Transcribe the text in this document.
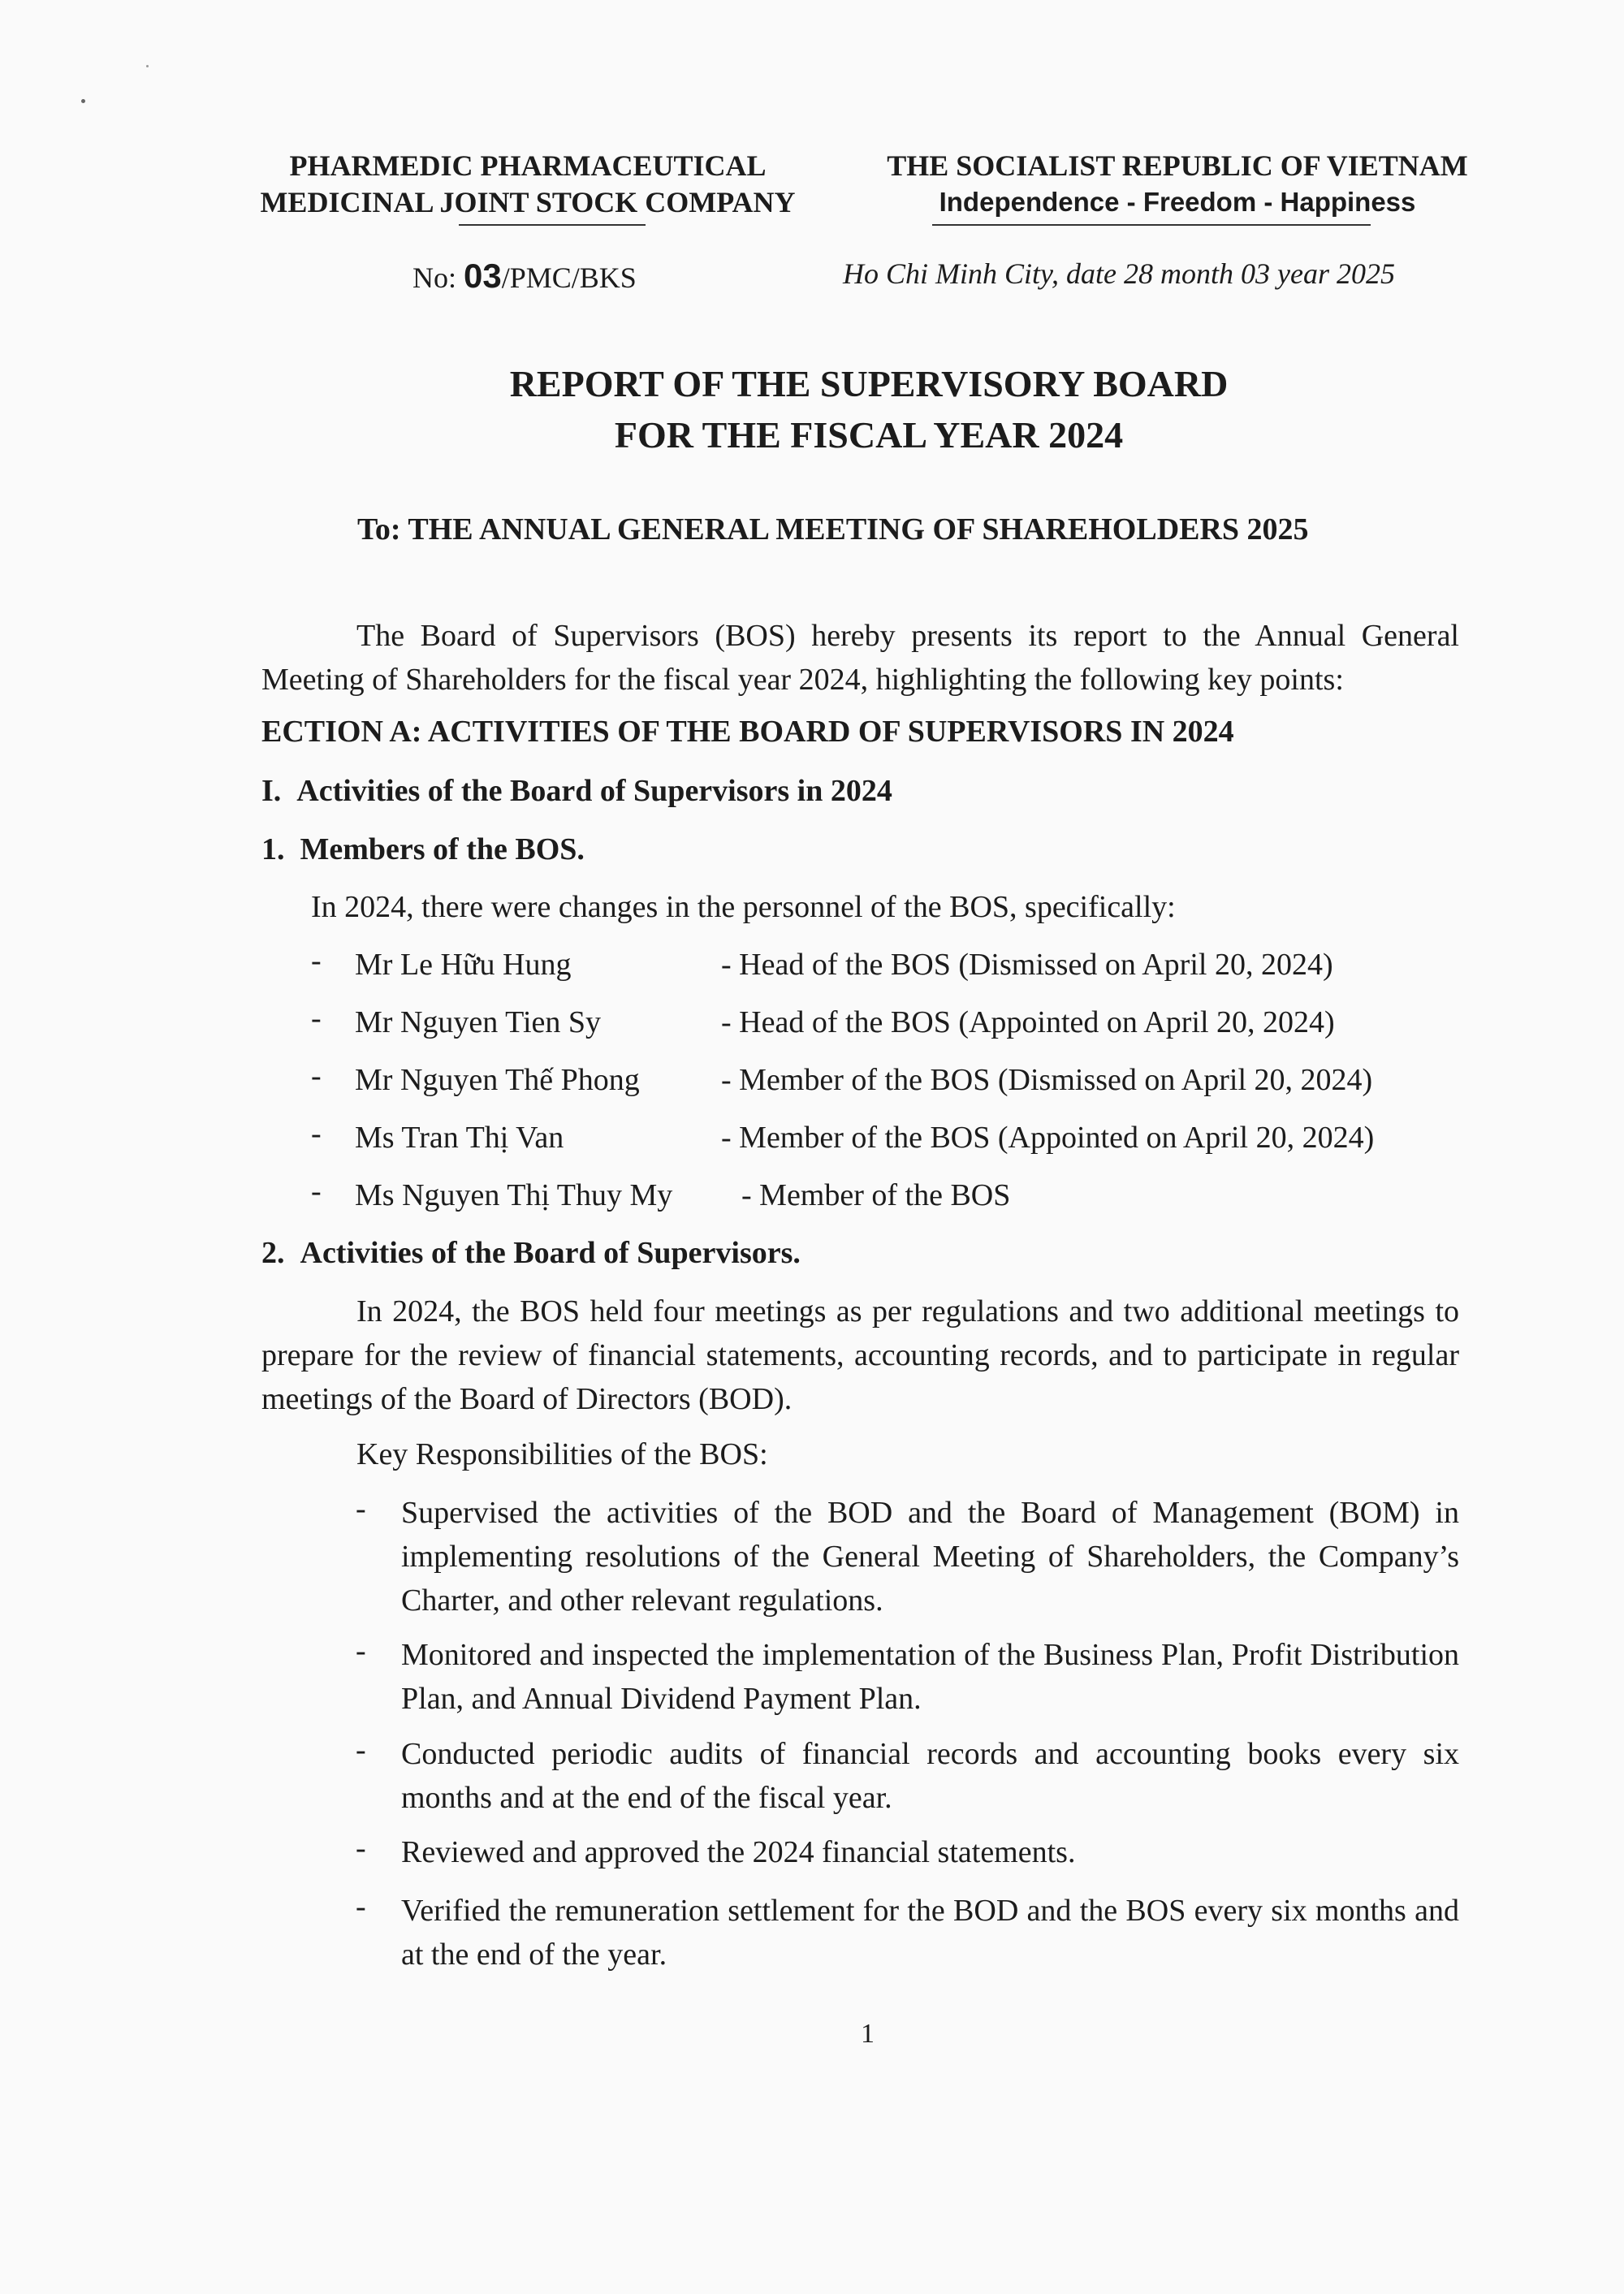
PHARMEDIC PHARMACEUTICAL
MEDICINAL JOINT STOCK COMPANY
THE SOCIALIST REPUBLIC OF VIETNAM
Independence - Freedom - Happiness
No: 03/PMC/BKS	Ho Chi Minh City, date 28 month 03 year 2025
REPORT OF THE SUPERVISORY BOARD
FOR THE FISCAL YEAR 2024
To: THE ANNUAL GENERAL MEETING OF SHAREHOLDERS 2025
The Board of Supervisors (BOS) hereby presents its report to the Annual General Meeting of Shareholders for the fiscal year 2024, highlighting the following key points:
ECTION A: ACTIVITIES OF THE BOARD OF SUPERVISORS IN 2024
I.  Activities of the Board of Supervisors in 2024
1.  Members of the BOS.
In 2024, there were changes in the personnel of the BOS, specifically:
- Mr Le Hữu Hung	- Head of the BOS (Dismissed on April 20, 2024)
- Mr Nguyen Tien Sy	- Head of the BOS (Appointed on April 20, 2024)
- Mr Nguyen Thế Phong	- Member of the BOS (Dismissed on April 20, 2024)
- Ms Tran Thị Van	- Member of the BOS (Appointed on April 20, 2024)
- Ms Nguyen Thị Thuy My - Member of the BOS
2.  Activities of the Board of Supervisors.
In 2024, the BOS held four meetings as per regulations and two additional meetings to prepare for the review of financial statements, accounting records, and to participate in regular meetings of the Board of Directors (BOD).
Key Responsibilities of the BOS:
- Supervised the activities of the BOD and the Board of Management (BOM) in implementing resolutions of the General Meeting of Shareholders, the Company’s Charter, and other relevant regulations.
- Monitored and inspected the implementation of the Business Plan, Profit Distribution Plan, and Annual Dividend Payment Plan.
- Conducted periodic audits of financial records and accounting books every six months and at the end of the fiscal year.
- Reviewed and approved the 2024 financial statements.
- Verified the remuneration settlement for the BOD and the BOS every six months and at the end of the year.
1
